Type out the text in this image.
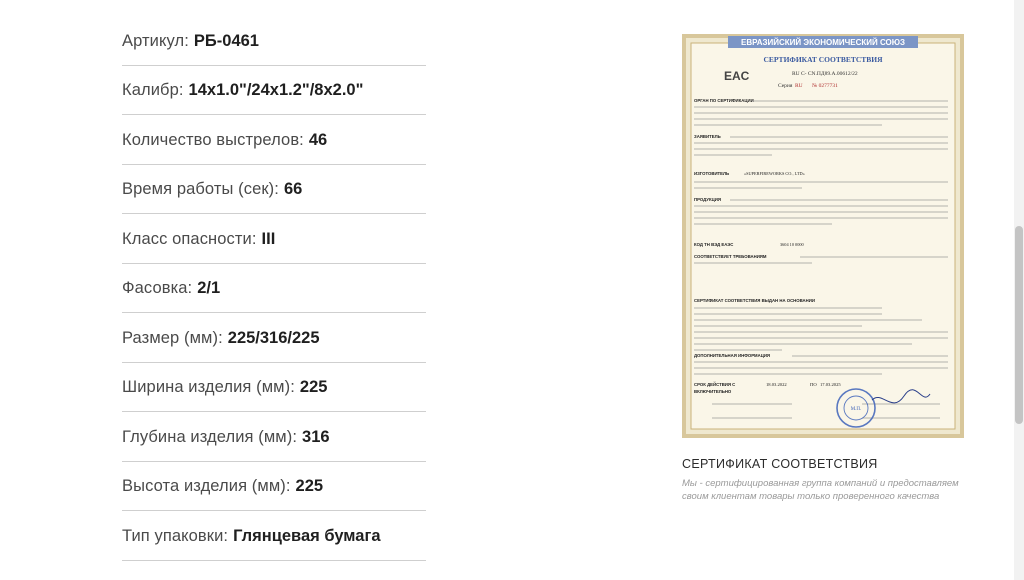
Артикул: РБ-0461
Калибр: 14x1.0"/24x1.2"/8x2.0"
Количество выстрелов: 46
Время работы (сек): 66
Класс опасности: III
Фасовка: 2/1
Размер (мм): 225/316/225
Ширина изделия (мм): 225
Глубина изделия (мм): 316
Высота изделия (мм): 225
Тип упаковки: Глянцевая бумага
ЕВРАЗИЙСКИЙ ЭКОНОМИЧЕСКИЙ СОЮЗ
СЕРТИФИКАТ СООТВЕТСТВИЯ
EAC	RU C- CN.ПД89.А.00612/22
Серия RU № 0277731
ОРГАН ПО СЕРТИФИКАЦИИ
ЗАЯВИТЕЛЬ
ИЗГОТОВИТЕЛЬ	«SUPERFIREWORKS CO., LTD»
ПРОДУКЦИЯ
КОД ТН ВЭД ЕАЭС	3604 10 0000
СООТВЕТСТВУЕТ ТРЕБОВАНИЯМ
СЕРТИФИКАТ СООТВЕТСТВИЯ ВЫДАН НА ОСНОВАНИИ
ДОПОЛНИТЕЛЬНАЯ ИНФОРМАЦИЯ
СРОК ДЕЙСТВИЯ С
ВКЛЮЧИТЕЛЬНО
18.03.2022	ПО 17.03.2025
М.П.
СЕРТИФИКАТ СООТВЕТСТВИЯ
Мы - сертифицированная группа компаний и предоставляем своим клиентам товары только проверенного качества
